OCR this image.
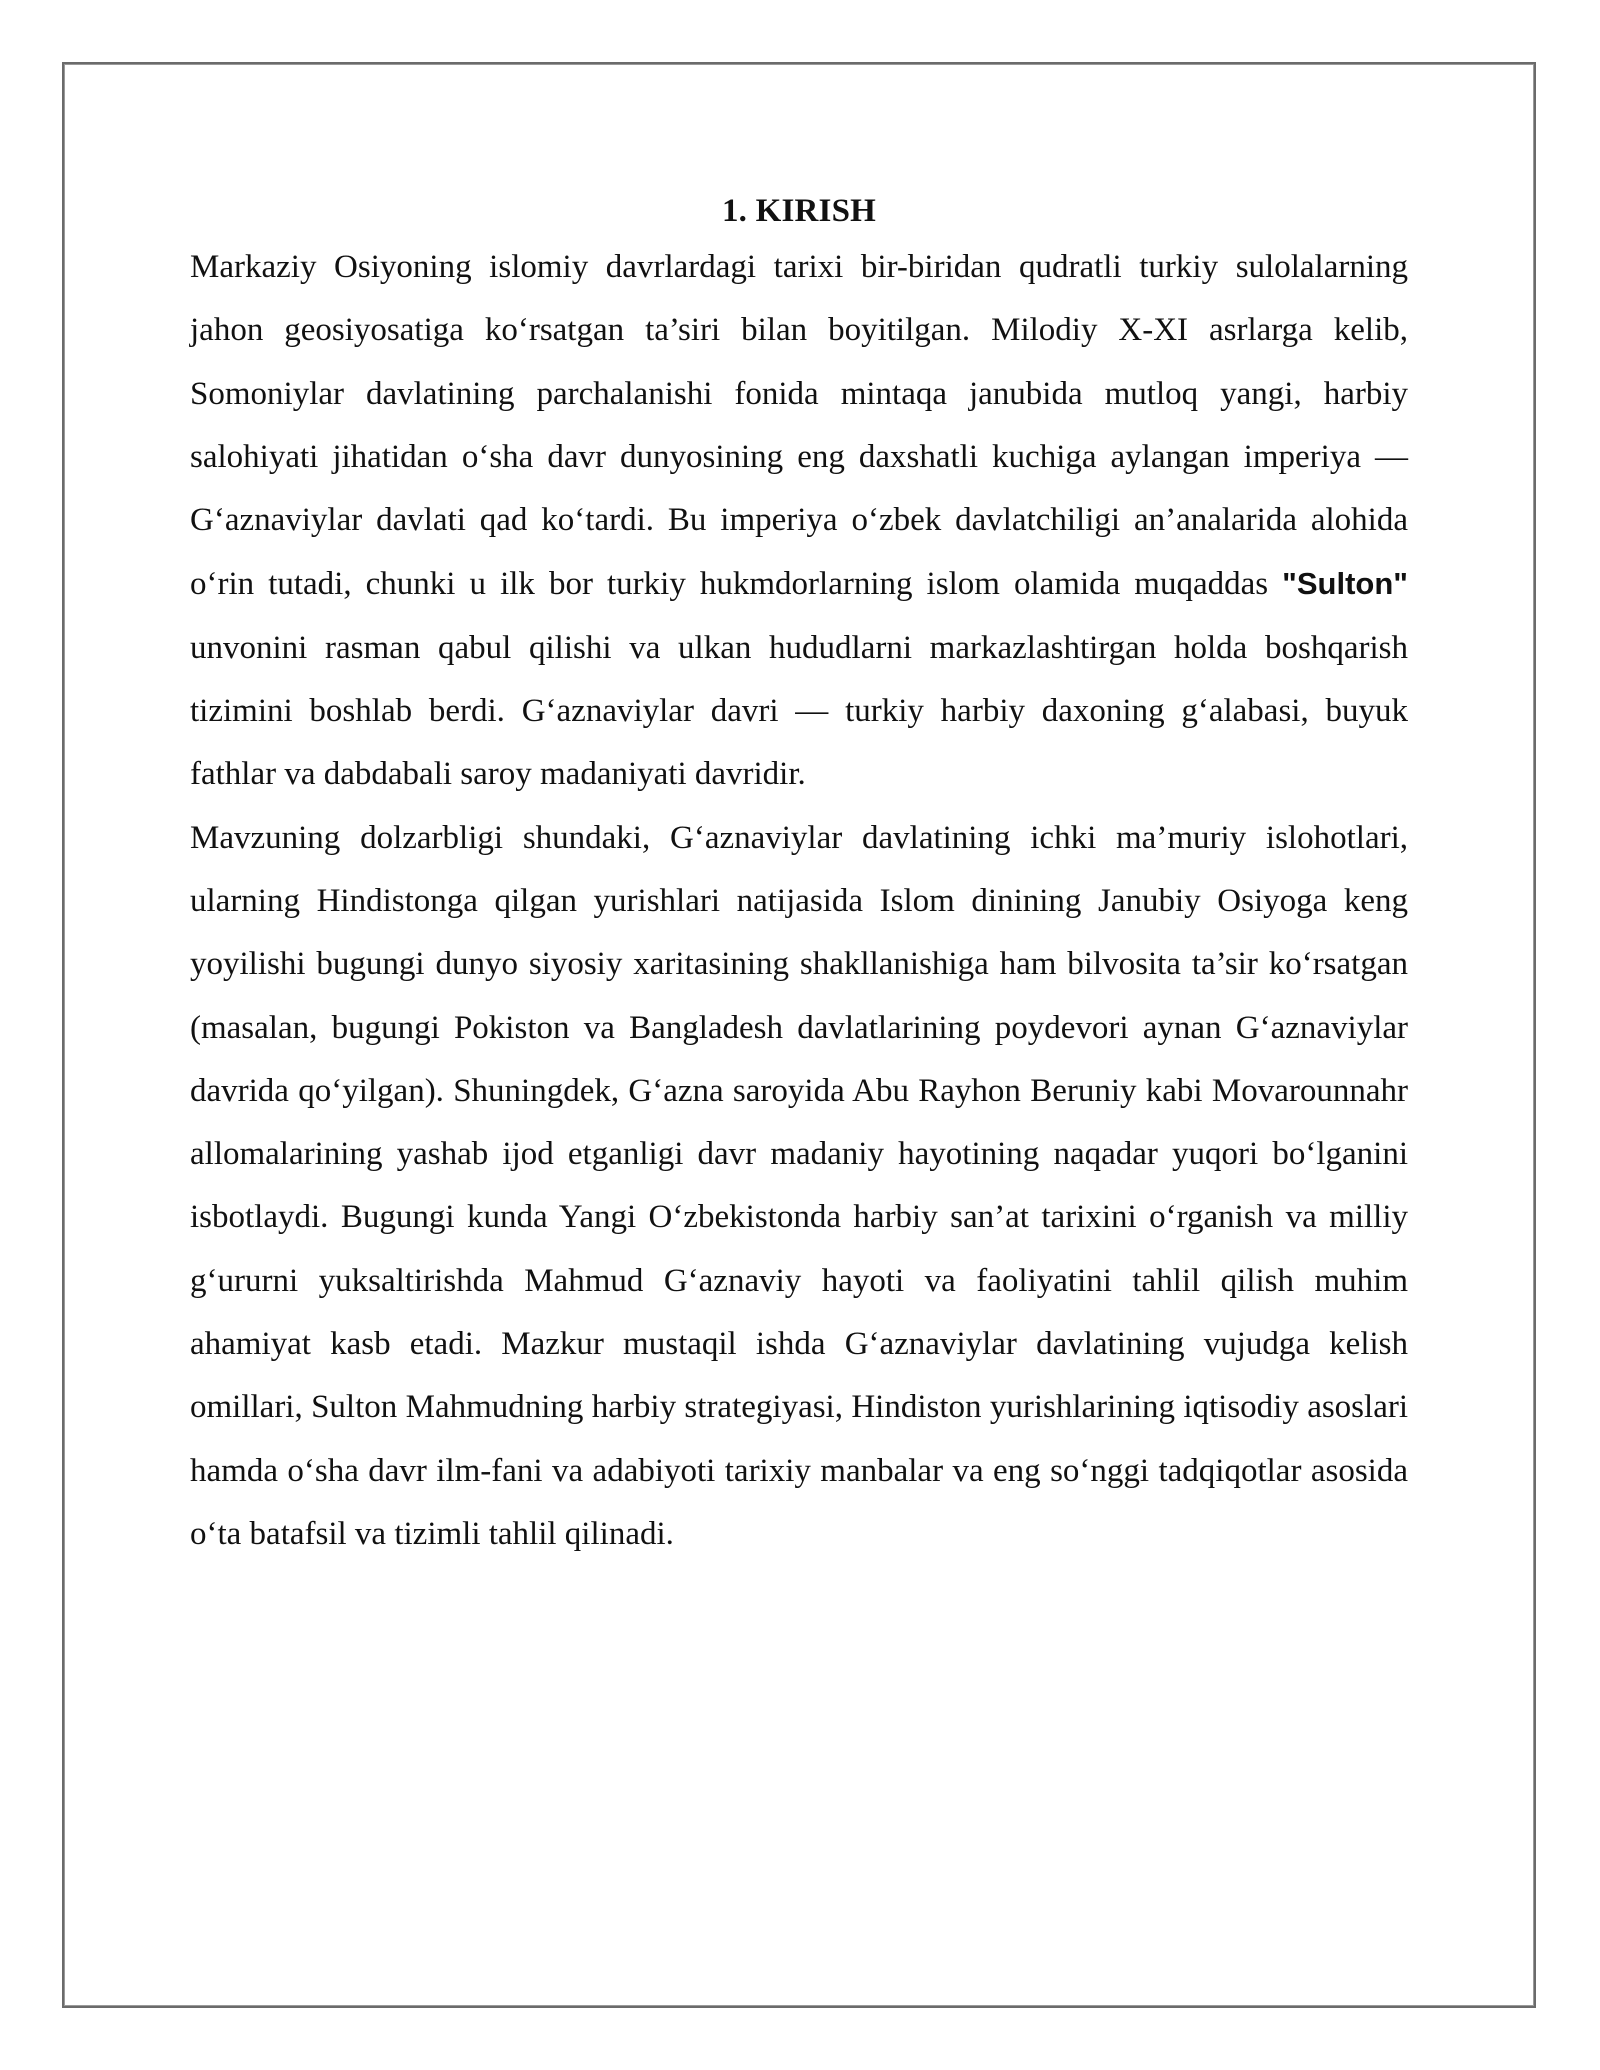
1. KIRISH

Markaziy Osiyoning islomiy davrlardagi tarixi bir-biridan qudratli turkiy sulolalarning jahon geosiyosatiga ko‘rsatgan ta’siri bilan boyitilgan. Milodiy X-XI asrlarga kelib, Somoniylar davlatining parchalanishi fonida mintaqa janubida mutloq yangi, harbiy salohiyati jihatidan o‘sha davr dunyosining eng daxshatli kuchiga aylangan imperiya — G‘aznaviylar davlati qad ko‘tardi. Bu imperiya o‘zbek davlatchiligi an’analarida alohida o‘rin tutadi, chunki u ilk bor turkiy hukmdorlarning islom olamida muqaddas "Sulton" unvonini rasman qabul qilishi va ulkan hududlarni markazlashtirgan holda boshqarish tizimini boshlab berdi. G‘aznaviylar davri — turkiy harbiy daxoning g‘alabasi, buyuk fathlar va dabdabali saroy madaniyati davridir.

Mavzuning dolzarbligi shundaki, G‘aznaviylar davlatining ichki ma’muriy islohotlari, ularning Hindistonga qilgan yurishlari natijasida Islom dinining Janubiy Osiyoga keng yoyilishi bugungi dunyo siyosiy xaritasining shakllanishiga ham bilvosita ta’sir ko‘rsatgan (masalan, bugungi Pokiston va Bangladesh davlatlarining poydevori aynan G‘aznaviylar davrida qo‘yilgan). Shuningdek, G‘azna saroyida Abu Rayhon Beruniy kabi Movarounnahr allomalarining yashab ijod etganligi davr madaniy hayotining naqadar yuqori bo‘lganini isbotlaydi. Bugungi kunda Yangi O‘zbekistonda harbiy san’at tarixini o‘rganish va milliy g‘ururni yuksaltirishda Mahmud G‘aznaviy hayoti va faoliyatini tahlil qilish muhim ahamiyat kasb etadi. Mazkur mustaqil ishda G‘aznaviylar davlatining vujudga kelish omillari, Sulton Mahmudning harbiy strategiyasi, Hindiston yurishlarining iqtisodiy asoslari hamda o‘sha davr ilm-fani va adabiyoti tarixiy manbalar va eng so‘nggi tadqiqotlar asosida o‘ta batafsil va tizimli tahlil qilinadi.
